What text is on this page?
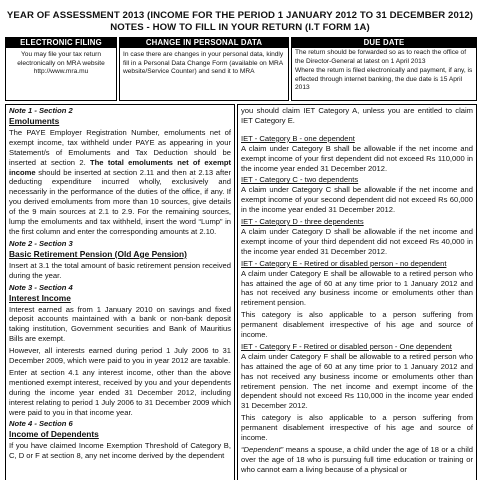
YEAR OF ASSESSMENT 2013 (INCOME FOR THE PERIOD 1 JANUARY 2012 TO 31 DECEMBER 2012)
NOTES - HOW TO FILL IN YOUR RETURN (I.T FORM 1A)
ELECTRONIC FILING
You may file your tax return
electronically on MRA website
http://www.mra.mu
CHANGE IN PERSONAL DATA
In case there are changes in your personal data, kindly fill in a Personal Data Change Form (available on MRA website/Service Counter) and send it to MRA
DUE DATE

The return should be forwarded so as to reach the office of the Director-General at latest on 1 April 2013

Where the return is filed electronically and payment, if any, is effected through internet banking, the due date is 15 April 2013

Note 1 - Section 2

Emoluments

The PAYE Employer Registration Number, emoluments net of exempt income, tax withheld under PAYE as appearing in your Statement/s of Emoluments and Tax Deduction should be inserted at section 2. The total emoluments net of exempt income should be inserted at section 2.11 and then at 2.13 after deducting expenditure incurred wholly, exclusively and necessarily in the performance of the duties of the office, if any. If you derived emoluments from more than 10 sources, give details of the 9 main sources at 2.1 to 2.9. For the remaining sources, lump the emoluments and tax withheld, insert the word “Lump” in the first column and enter the corresponding amounts at 2.10.

Note 2 - Section 3

Basic Retirement Pension (Old Age Pension)

Insert at 3.1 the total amount of basic retirement pension received during the year.

Note 3 - Section 4

Interest Income

Interest earned as from 1 January 2010 on savings and fixed deposit accounts maintained with a bank or non-bank deposit taking institution, Government securities and Bank of Mauritius Bills are exempt.

However, all interests earned during period 1 July 2006 to 31 December 2009, which were paid to you in year 2012 are taxable.

Enter at section 4.1 any interest income, other than the above mentioned exempt interest, received by you and your dependents during the income year ended 31 December 2012, including interest relating to period 1 July 2006 to 31 December 2009 which were paid to you in that income year.

Note 4 - Section 6

Income of Dependents

If you have claimed Income Exemption Threshold of Category B, C, D or F at section 8, any net income derived by the dependent

you should claim IET Category A, unless you are entitled to claim IET Category E.

IET - Category B - one dependent

A claim under Category B shall be allowable if the net income and exempt income of your first dependent did not exceed Rs 110,000 in the income year ended 31 December 2012.

IET - Category C - two dependents

A claim under Category C shall be allowable if the net income and exempt income of your second dependent did not exceed Rs 60,000 in the income year ended 31 December 2012.

IET - Category D - three dependents

A claim under Category D shall be allowable if the net income and exempt income of your third dependent did not exceed Rs 40,000 in the income year ended 31 December 2012.

IET - Category E - Retired or disabled person - no dependent

A claim under Category E shall be allowable to a retired person who has attained the age of 60 at any time prior to 1 January 2012 and has not received any business income or emoluments other than retirement pension.

This category is also applicable to a person suffering from permanent disablement irrespective of his age and source of income.

IET - Category F - Retired or disabled person - One dependent

A claim under Category F shall be allowable to a retired person who has attained the age of 60 at any time prior to 1 January 2012 and has not received any business income or emoluments other than retirement pension. The net income and exempt income of the dependent should not exceed Rs 110,000 in the income year ended 31 December 2012.

This category is also applicable to a person suffering from permanent disablement irrespective of his age and source of income.

“Dependent” means a spouse, a child under the age of 18 or a child over the age of 18 who is pursuing full time education or training or who cannot earn a living because of a physical or
